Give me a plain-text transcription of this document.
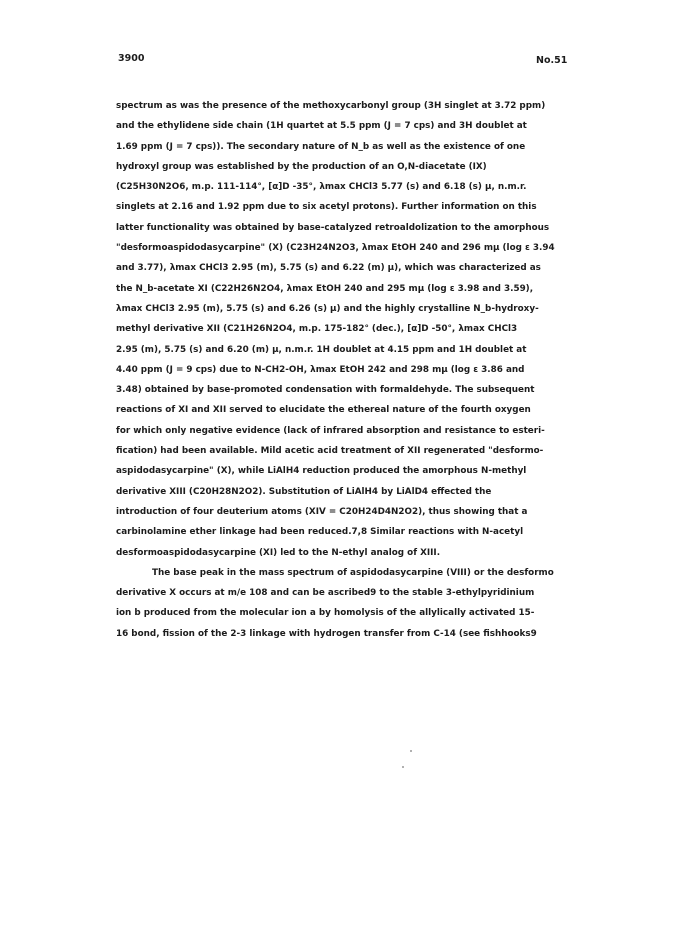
3900	No.51
spectrum as was the presence of the methoxycarbonyl group (3H singlet at 3.72 ppm)
and the ethylidene side chain (1H quartet at 5.5 ppm (J = 7 cps) and 3H doublet at
1.69 ppm (J = 7 cps)). The secondary nature of N_b as well as the existence of one
hydroxyl group was established by the production of an O,N-diacetate (IX)
(C25H30N2O6, m.p. 111-114°, [α]D -35°, λmax CHCl3 5.77 (s) and 6.18 (s) μ, n.m.r.
singlets at 2.16 and 1.92 ppm due to six acetyl protons). Further information on this
latter functionality was obtained by base-catalyzed retroaldolization to the amorphous
"desformoaspidodasycarpine" (X) (C23H24N2O3, λmax EtOH 240 and 296 mμ (log ε 3.94
and 3.77), λmax CHCl3 2.95 (m), 5.75 (s) and 6.22 (m) μ), which was characterized as
the N_b-acetate XI (C22H26N2O4, λmax EtOH 240 and 295 mμ (log ε 3.98 and 3.59),
λmax CHCl3 2.95 (m), 5.75 (s) and 6.26 (s) μ) and the highly crystalline N_b-hydroxy-
methyl derivative XII (C21H26N2O4, m.p. 175-182° (dec.), [α]D -50°, λmax CHCl3
2.95 (m), 5.75 (s) and 6.20 (m) μ, n.m.r. 1H doublet at 4.15 ppm and 1H doublet at
4.40 ppm (J = 9 cps) due to N-CH2-OH, λmax EtOH 242 and 298 mμ (log ε 3.86 and
3.48) obtained by base-promoted condensation with formaldehyde. The subsequent
reactions of XI and XII served to elucidate the ethereal nature of the fourth oxygen
for which only negative evidence (lack of infrared absorption and resistance to esteri-
fication) had been available. Mild acetic acid treatment of XII regenerated "desformo-
aspidodasycarpine" (X), while LiAlH4 reduction produced the amorphous N-methyl
derivative XIII (C20H28N2O2). Substitution of LiAlH4 by LiAlD4 effected the
introduction of four deuterium atoms (XIV = C20H24D4N2O2), thus showing that a
carbinolamine ether linkage had been reduced.7,8 Similar reactions with N-acetyl
desformoaspidodasycarpine (XI) led to the N-ethyl analog of XIII.
The base peak in the mass spectrum of aspidodasycarpine (VIII) or the desformo
derivative X occurs at m/e 108 and can be ascribed9 to the stable 3-ethylpyridinium
ion b produced from the molecular ion a by homolysis of the allylically activated 15-
16 bond, fission of the 2-3 linkage with hydrogen transfer from C-14 (see fishhooks9
